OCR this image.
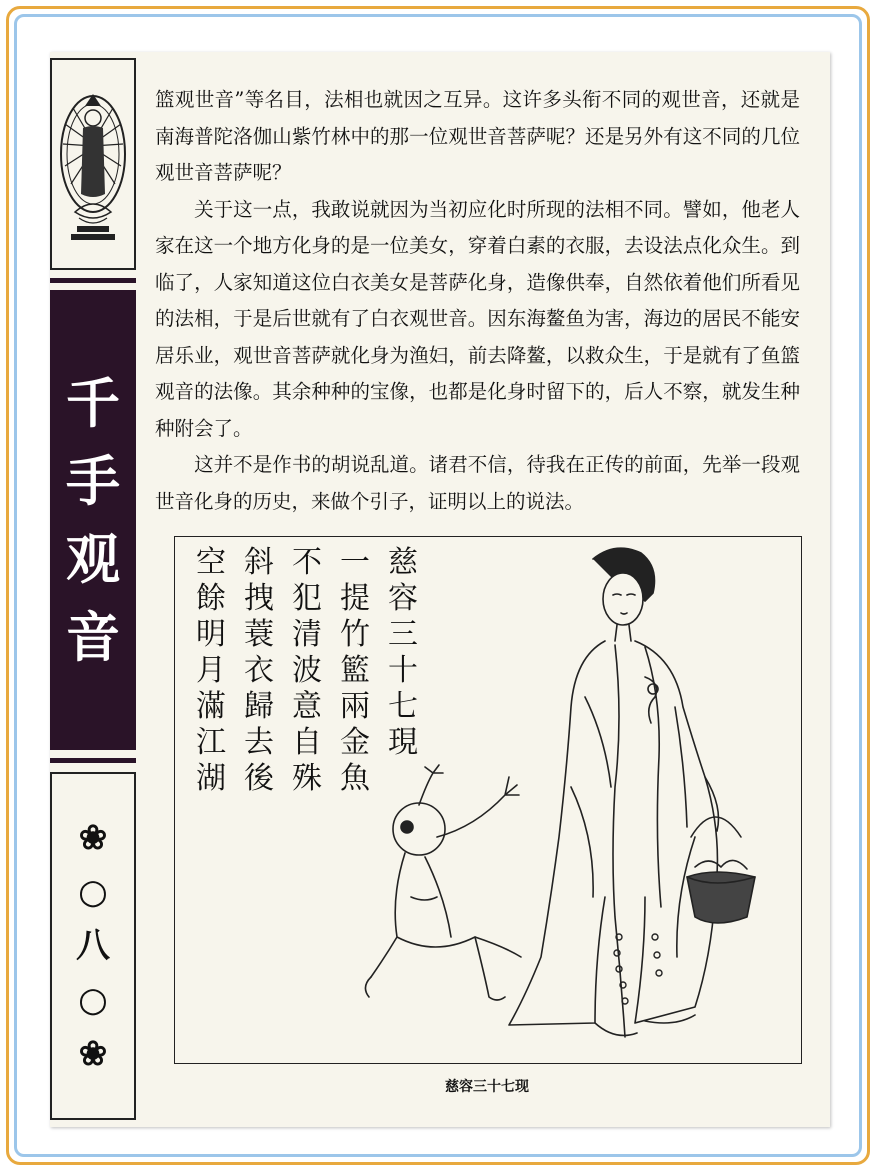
千
手
观
音
❀
○
八
○
❀

篮观世音”等名目，法相也就因之互异。这许多头衔不同的观世音，还就是南海普陀洛伽山紫竹林中的那一位观世音菩萨呢？还是另外有这不同的几位观世音菩萨呢？

　　关于这一点，我敢说就因为当初应化时所现的法相不同。譬如，他老人家在这一个地方化身的是一位美女，穿着白素的衣服，去设法点化众生。到临了，人家知道这位白衣美女是菩萨化身，造像供奉，自然依着他们所看见的法相，于是后世就有了白衣观世音。因东海鳌鱼为害，海边的居民不能安居乐业，观世音菩萨就化身为渔妇，前去降鳌，以救众生，于是就有了鱼篮观音的法像。其余种种的宝像，也都是化身时留下的，后人不察，就发生种种附会了。

　　这并不是作书的胡说乱道。诸君不信，待我在正传的前面，先举一段观世音化身的历史，来做个引子，证明以上的说法。

慈容三十七現
一提竹籃兩金魚
不犯清波意自殊
斜拽蓑衣歸去後
空餘明月滿江湖
慈容三十七现
